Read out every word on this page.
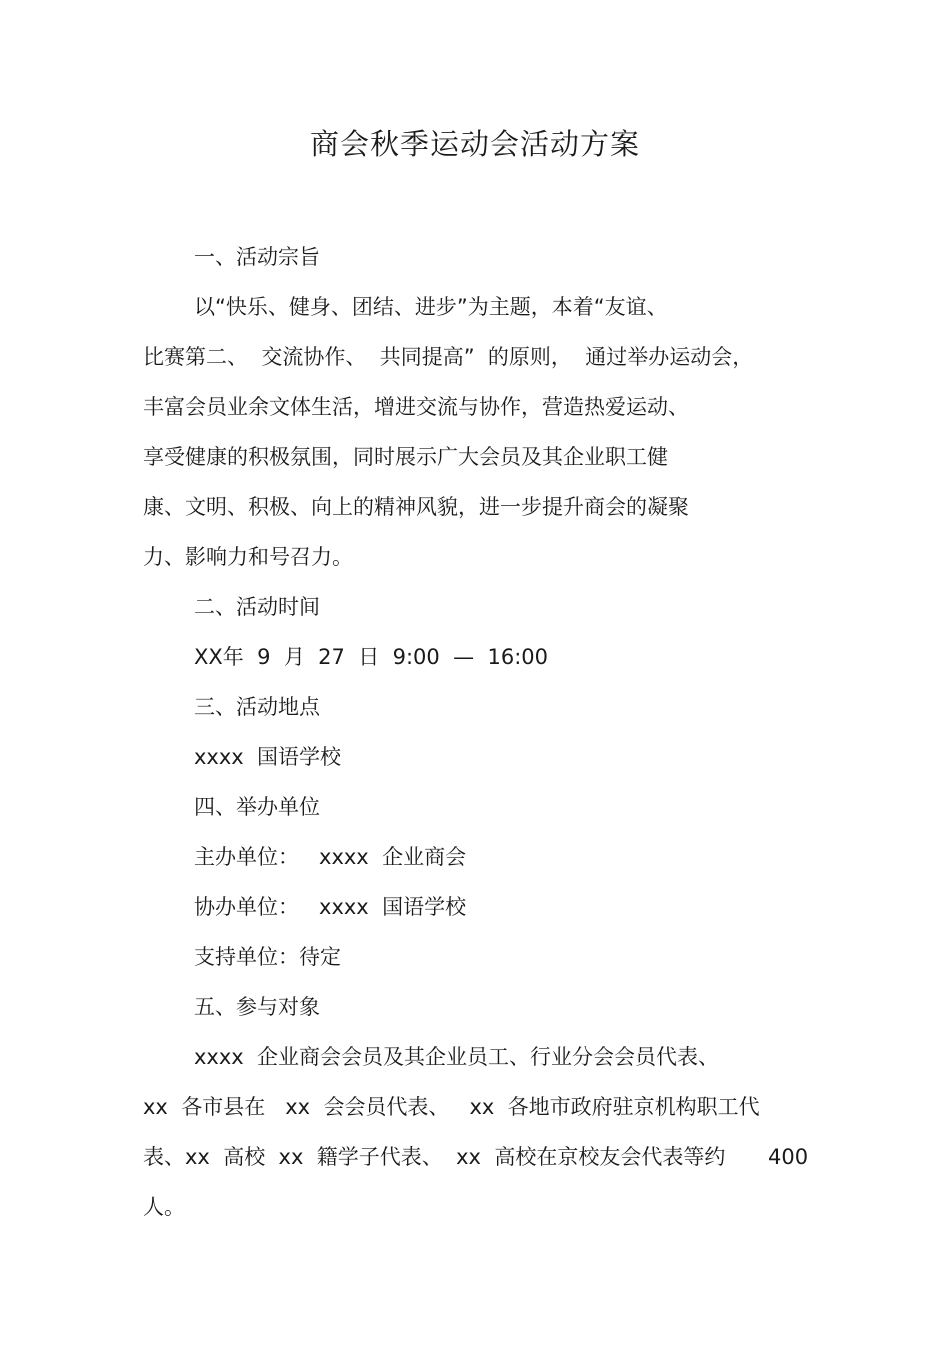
商会秋季运动会活动方案
一、活动宗旨
以“快乐、健身、团结、进步”为主题，本着“友谊、
比赛第二、  交流协作、  共同提高”  的原则，  通过举办运动会，
丰富会员业余文体生活，增进交流与协作，营造热爱运动、
享受健康的积极氛围，同时展示广大会员及其企业职工健
康、文明、积极、向上的精神风貌，进一步提升商会的凝聚
力、影响力和号召力。
二、活动时间
XX年  9  月  27  日  9:00  —  16:00
三、活动地点
xxxx  国语学校
四、举办单位
主办单位：   xxxx  企业商会
协办单位：   xxxx  国语学校
支持单位：待定
五、参与对象
xxxx  企业商会会员及其企业员工、行业分会会员代表、
xx  各市县在   xx  会会员代表、   xx  各地市政府驻京机构职工代
表、xx  高校  xx  籍学子代表、  xx  高校在京校友会代表等约 400
人。
